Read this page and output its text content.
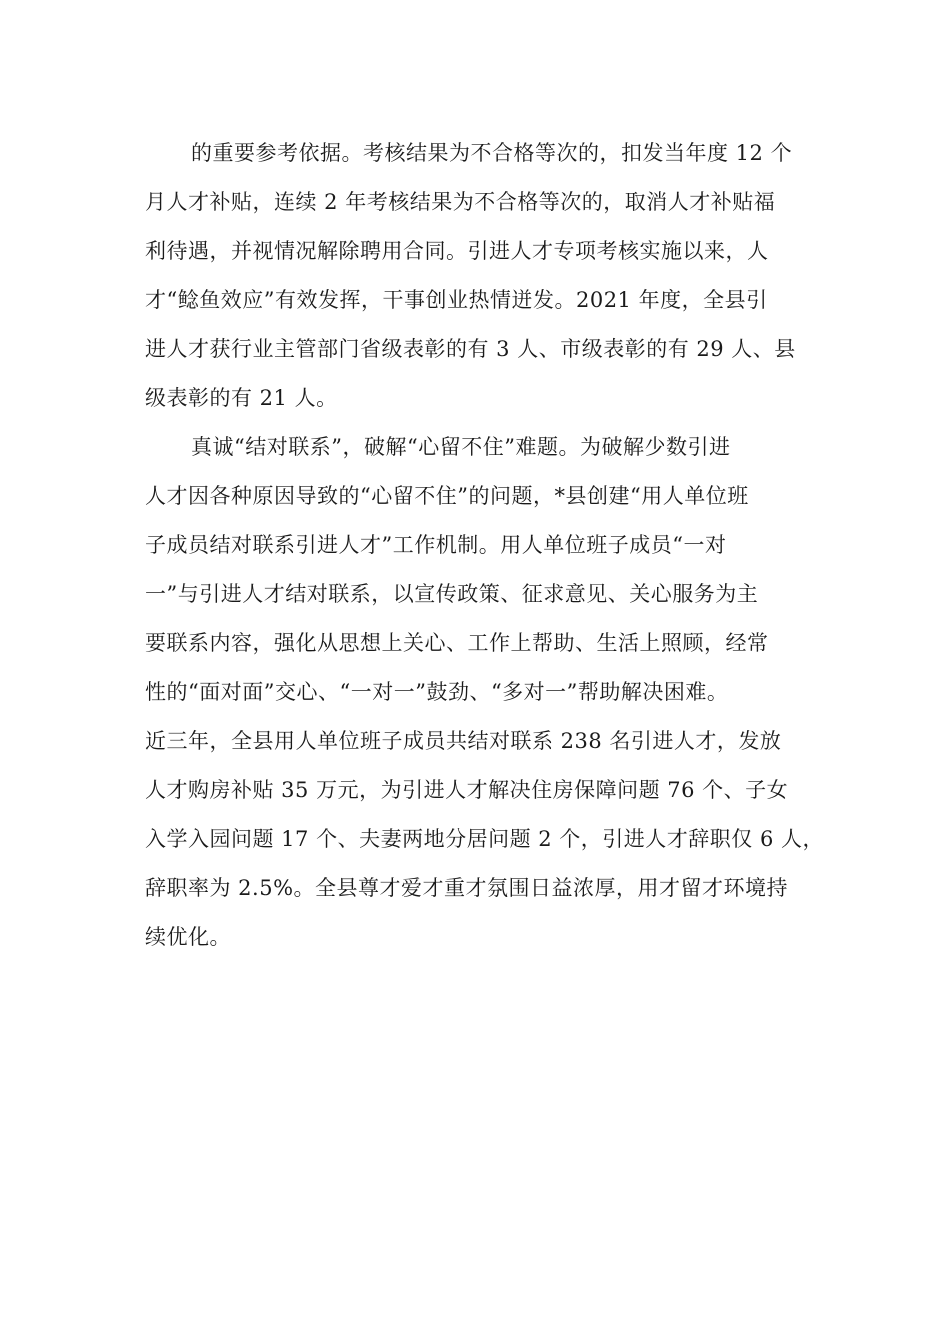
的重要参考依据。考核结果为不合格等次的，扣发当年度 12 个
月人才补贴，连续 2 年考核结果为不合格等次的，取消人才补贴福
利待遇，并视情况解除聘用合同。引进人才专项考核实施以来，人
才“鲶鱼效应”有效发挥，干事创业热情迸发。2021 年度，全县引
进人才获行业主管部门省级表彰的有 3 人、市级表彰的有 29 人、县
级表彰的有 21 人。
真诚“结对联系”，破解“心留不住”难题。为破解少数引进
人才因各种原因导致的“心留不住”的问题，*县创建“用人单位班
子成员结对联系引进人才”工作机制。用人单位班子成员“一对
一”与引进人才结对联系，以宣传政策、征求意见、关心服务为主
要联系内容，强化从思想上关心、工作上帮助、生活上照顾，经常
性的“面对面”交心、“一对一”鼓劲、“多对一”帮助解决困难。
近三年，全县用人单位班子成员共结对联系 238 名引进人才，发放
人才购房补贴 35 万元，为引进人才解决住房保障问题 76 个、子女
入学入园问题 17 个、夫妻两地分居问题 2 个，引进人才辞职仅 6 人，
辞职率为 2.5%。全县尊才爱才重才氛围日益浓厚，用才留才环境持
续优化。
